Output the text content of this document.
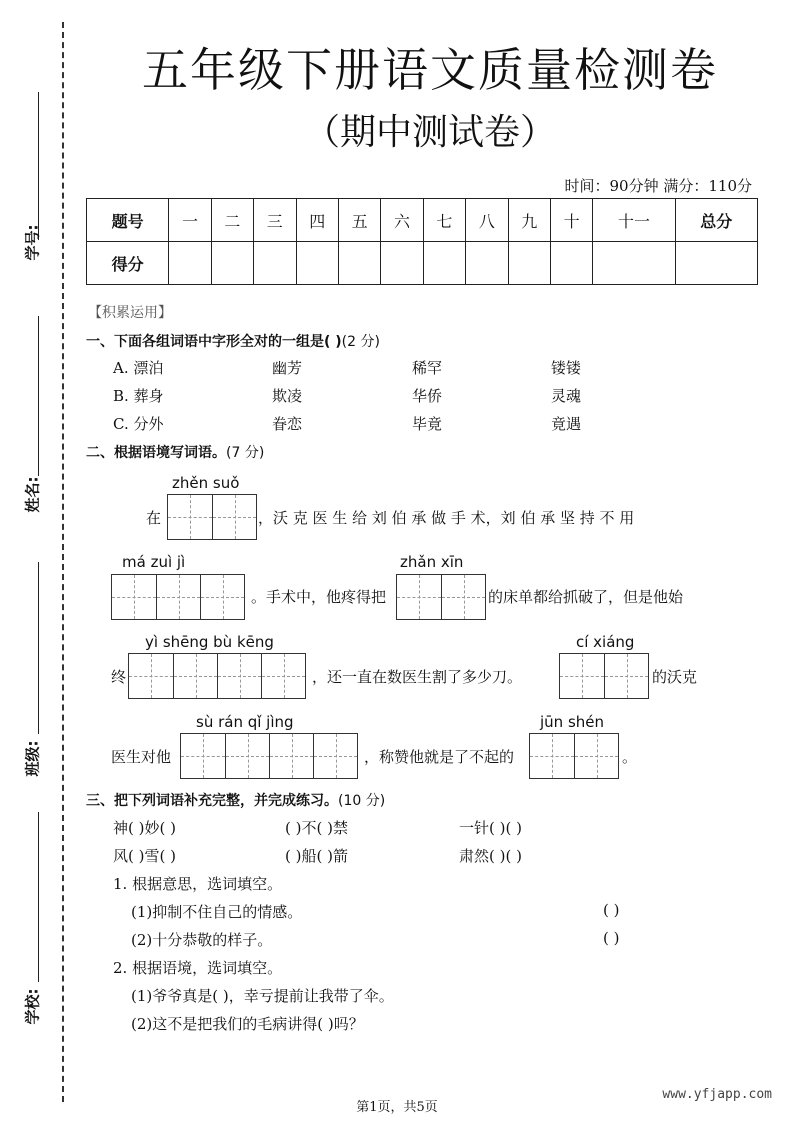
学号:
姓名:
班级:
学校:
五年级下册语文质量检测卷
（期中测试卷）
时间：90分钟 满分：110分
题号	一	二	三	四	五	六	七	八	九	十	十一	总分
得分												
【积累运用】
一、下面各组词语中字形全对的一组是( )(2 分)
A. 漂泊	幽芳	稀罕	镂镂
B. 葬身	欺凌	华侨	灵魂
C. 分外	眷恋	毕竟	竟遇
二、根据语境写词语。(7 分)
zhěn suǒ
在	，沃 克 医 生 给 刘 伯 承 做 手 术，刘 伯 承 坚 持 不 用
má zuì jì
。手术中，他疼得把
zhǎn xīn
的床单都给抓破了，但是他始
yì shēng bù kēng
终	，还一直在数医生割了多少刀。
cí xiáng
的沃克
sù rán qǐ jìng
医生对他	，称赞他就是了不起的
jūn shén
。
三、把下列词语补充完整，并完成练习。(10 分)
神( )妙( )	( )不( )禁	一针( )( )
风( )雪( )	( )船( )箭	肃然( )( )
1. 根据意思，选词填空。
(1)抑制不住自己的情感。	( )
(2)十分恭敬的样子。	( )
2. 根据语境，选词填空。
(1)爷爷真是( )，幸亏提前让我带了伞。
(2)这不是把我们的毛病讲得( )吗？
第1页，共5页
www.yfjapp.com
